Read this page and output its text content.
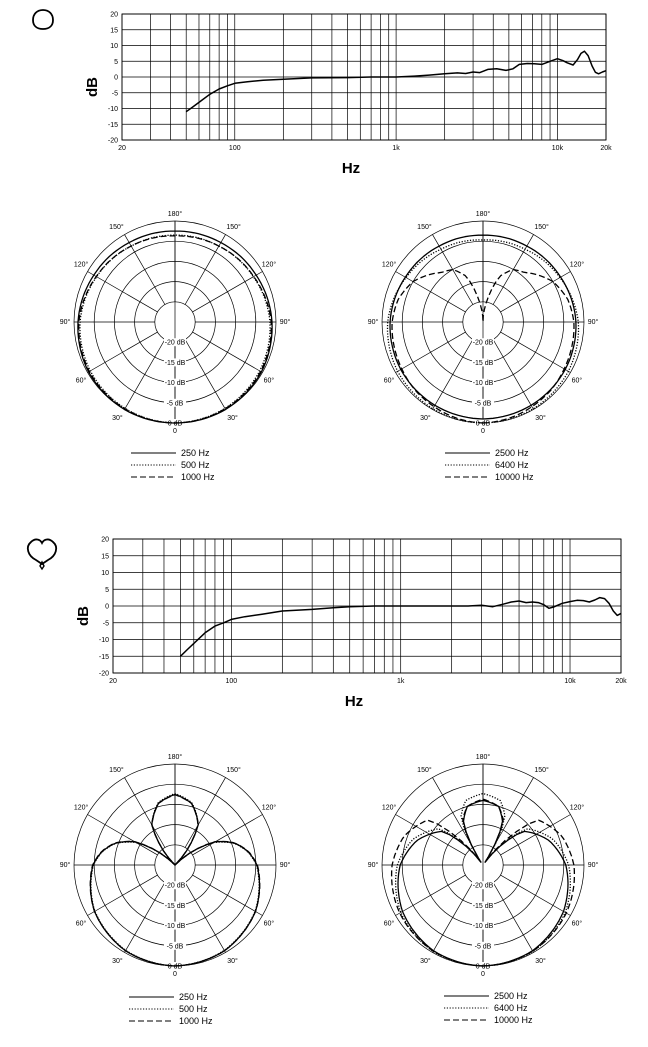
20
15
10
5
0
-5
-10
-15
-20
20	100	1k	10k	20k
Hz
dB
180°
150°	150°
120°	120°
90°	90°
60°	60°
30°	30°
0
-20 dB
-15 dB
-10 dB
-5 dB
0 dB
250 Hz
500 Hz
1000 Hz
180°
150°	150°
120°	120°
90°	90°
60°	60°
30°	30°
0
-20 dB
-15 dB
-10 dB
-5 dB
0 dB
2500 Hz
6400 Hz
10000 Hz
20
15
10
5
0
-5
-10
-15
-20
20	100	1k	10k	20k
Hz
dB
180°
150°	150°
120°	120°
90°	90°
60°	60°
30°	30°
0
-20 dB
-15 dB
-10 dB
-5 dB
0 dB
250 Hz
500 Hz
1000 Hz
180°
150°	150°
120°	120°
90°	90°
60°	60°
30°	30°
0
-20 dB
-15 dB
-10 dB
-5 dB
0 dB
2500 Hz
6400 Hz
10000 Hz
